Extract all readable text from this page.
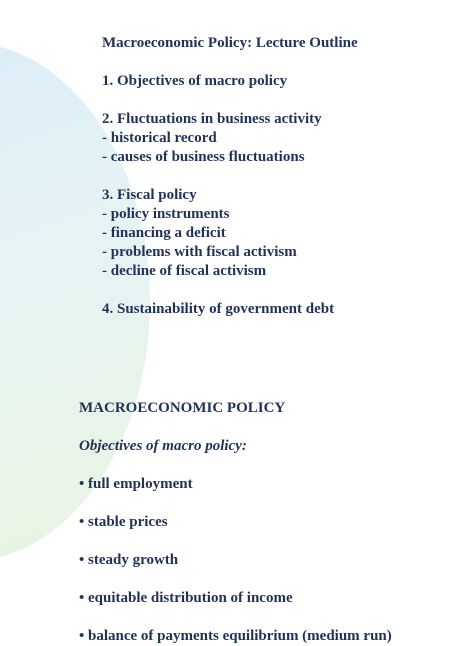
Macroeconomic Policy: Lecture Outline
1. Objectives of macro policy
2. Fluctuations in business activity
- historical record
- causes of business fluctuations
3. Fiscal policy
- policy instruments
- financing a deficit
- problems with fiscal activism
- decline of fiscal activism
4. Sustainability of government debt
MACROECONOMIC POLICY
Objectives of macro policy:
• full employment
• stable prices
• steady growth
• equitable distribution of income
• balance of payments equilibrium (medium run)
